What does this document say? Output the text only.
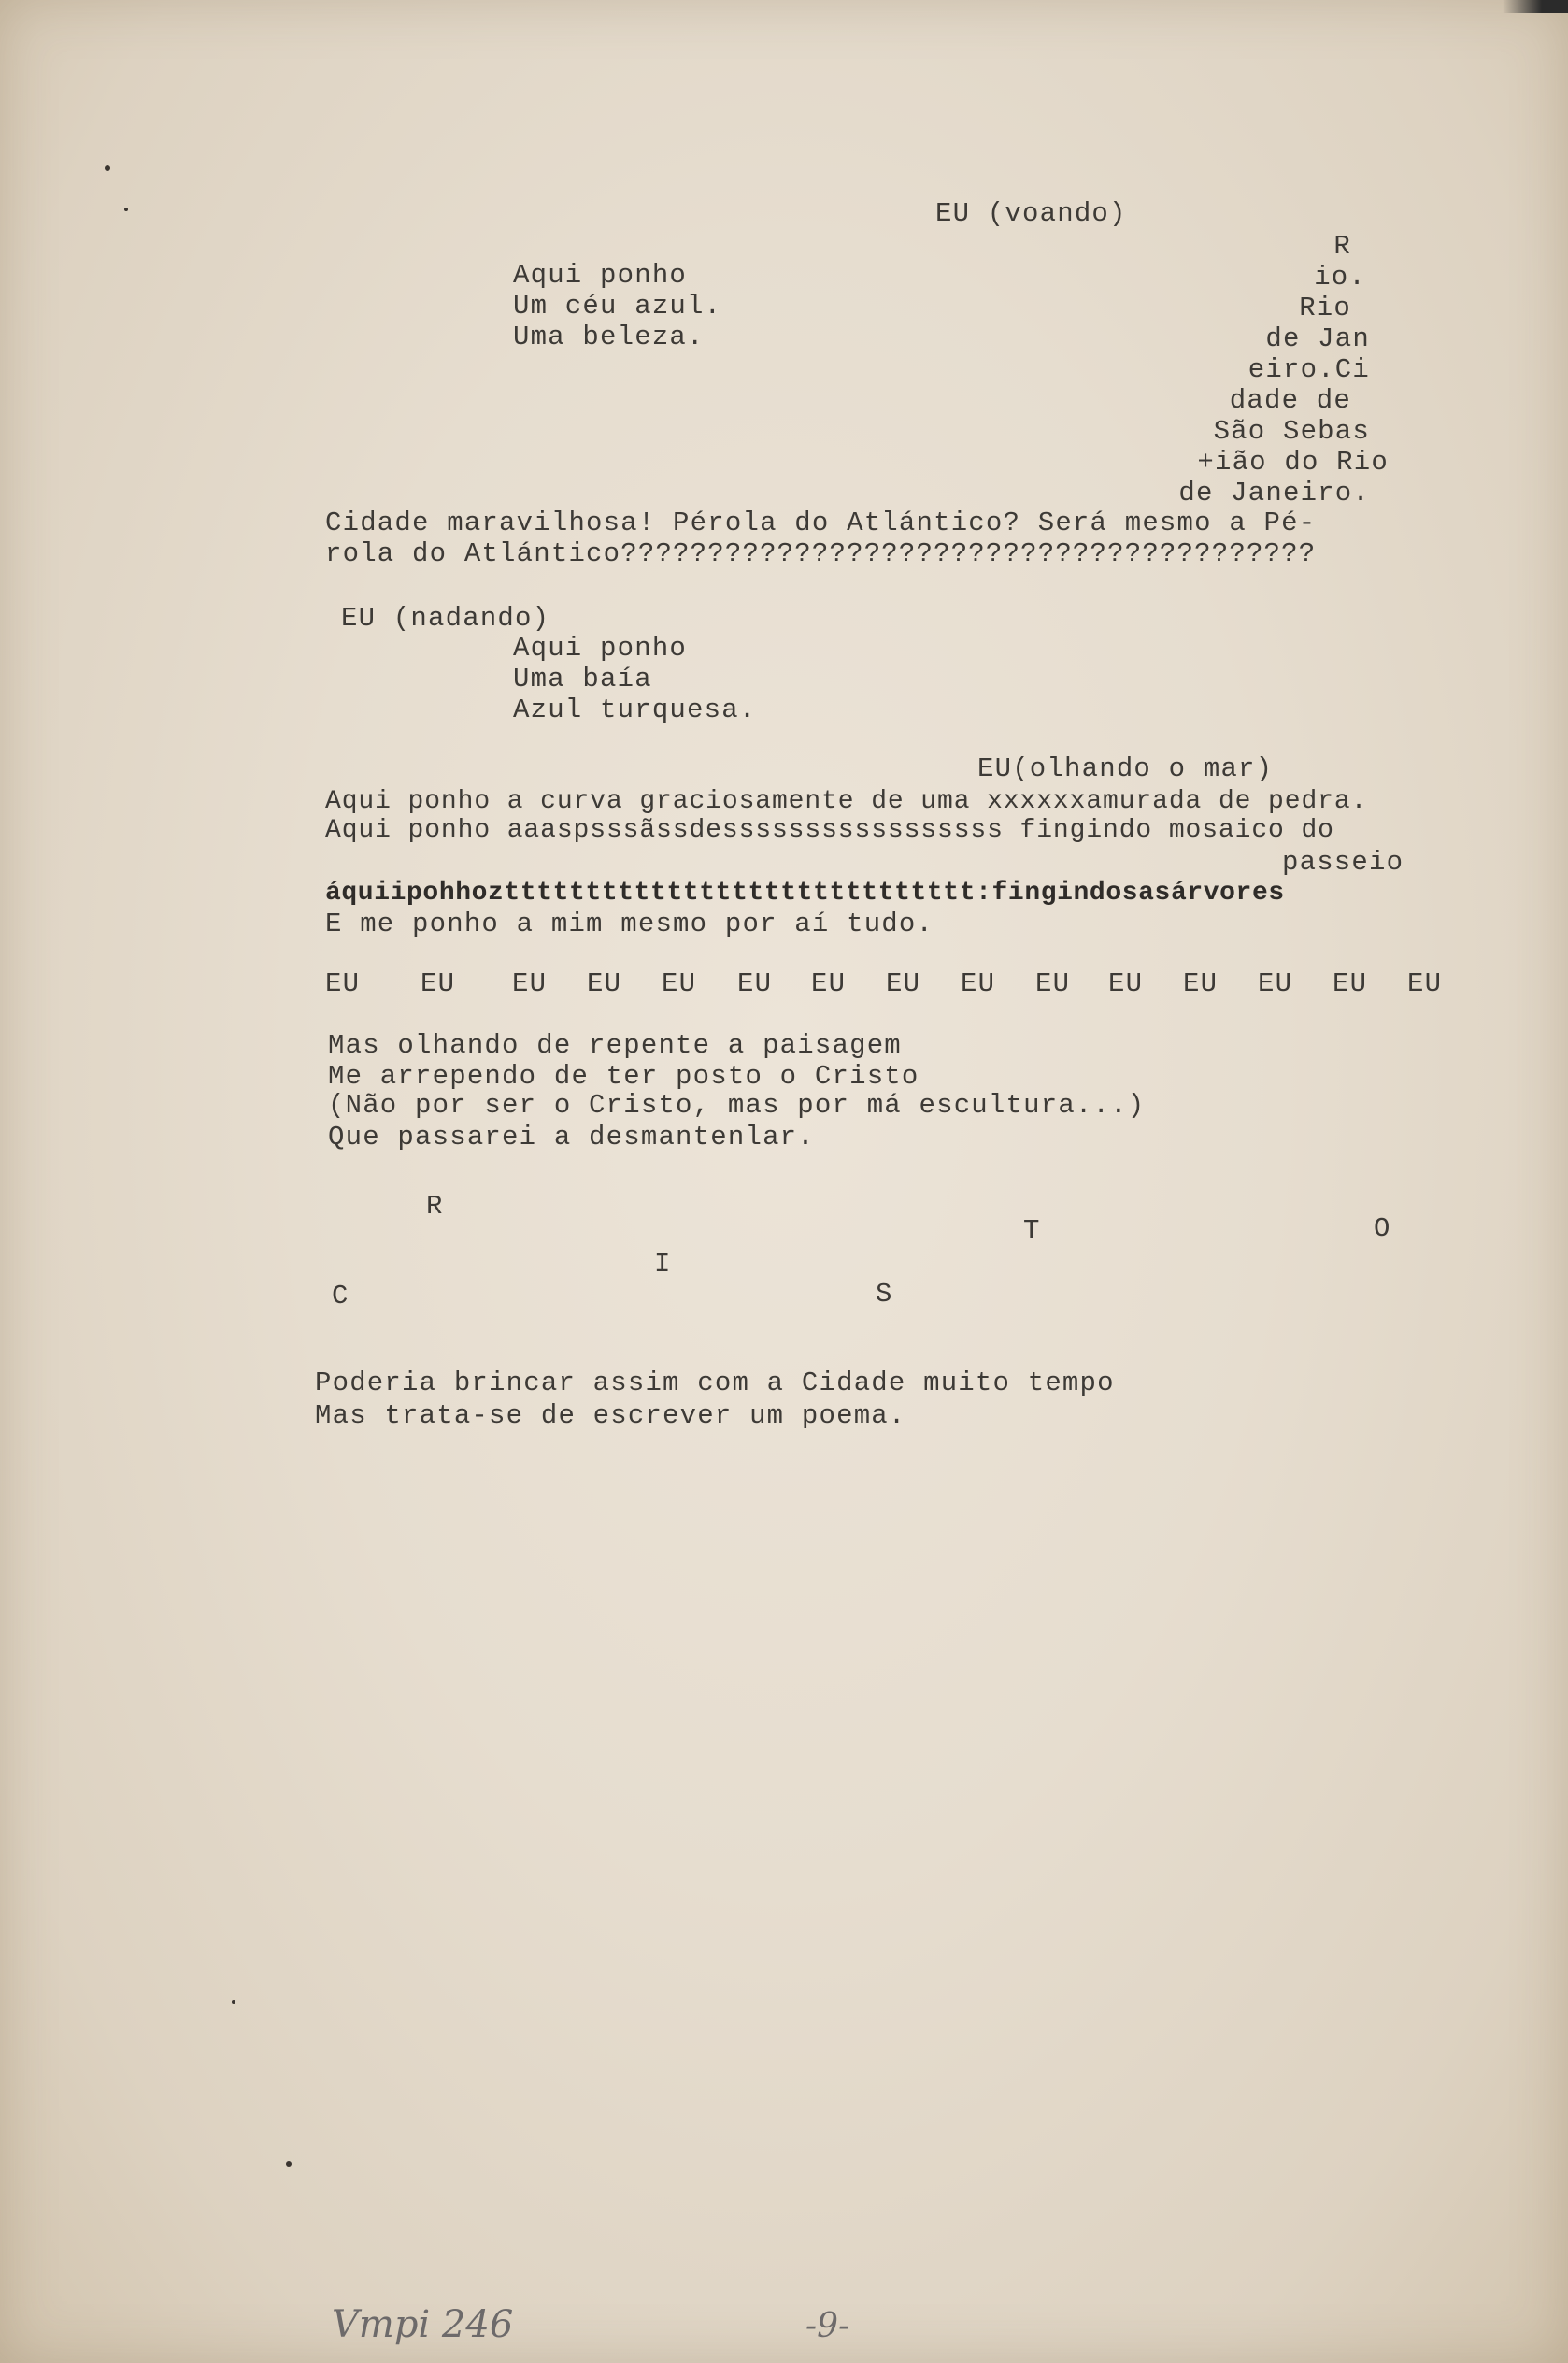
EU (voando)

Aqui ponho

Um céu azul.

Uma beleza.

R

io.

Rio

de Jan

eiro.Ci

dade de

São Sebas

+ião do Rio

de Janeiro.

Cidade maravilhosa! Pérola do Atlántico? Será mesmo a Pé-

rola do Atlántico????????????????????????????????????????

EU (nadando)

Aqui ponho

Uma baía

Azul turquesa.

EU(olhando o mar)

Aqui ponho a curva graciosamente de uma xxxxxxamurada de pedra.

Aqui ponho aaaspsssãssdesssssssssssssssss fingindo mosaico do

passeio

áquiipohhozttttttttttttttttttttttttttttt:fingindosasárvores

E me ponho a mim mesmo por aí tudo.

EU EU EU EU EU EU EU EU EU EU EU EU EU EU EU

Mas olhando de repente a paisagem

Me arrependo de ter posto o Cristo

(Não por ser o Cristo, mas por má escultura...)

Que passarei a desmantenlar.

C

R

I

S

T	O

Poderia brincar assim com a Cidade muito tempo

Mas trata-se de escrever um poema.

Vmpi 246	-9-
